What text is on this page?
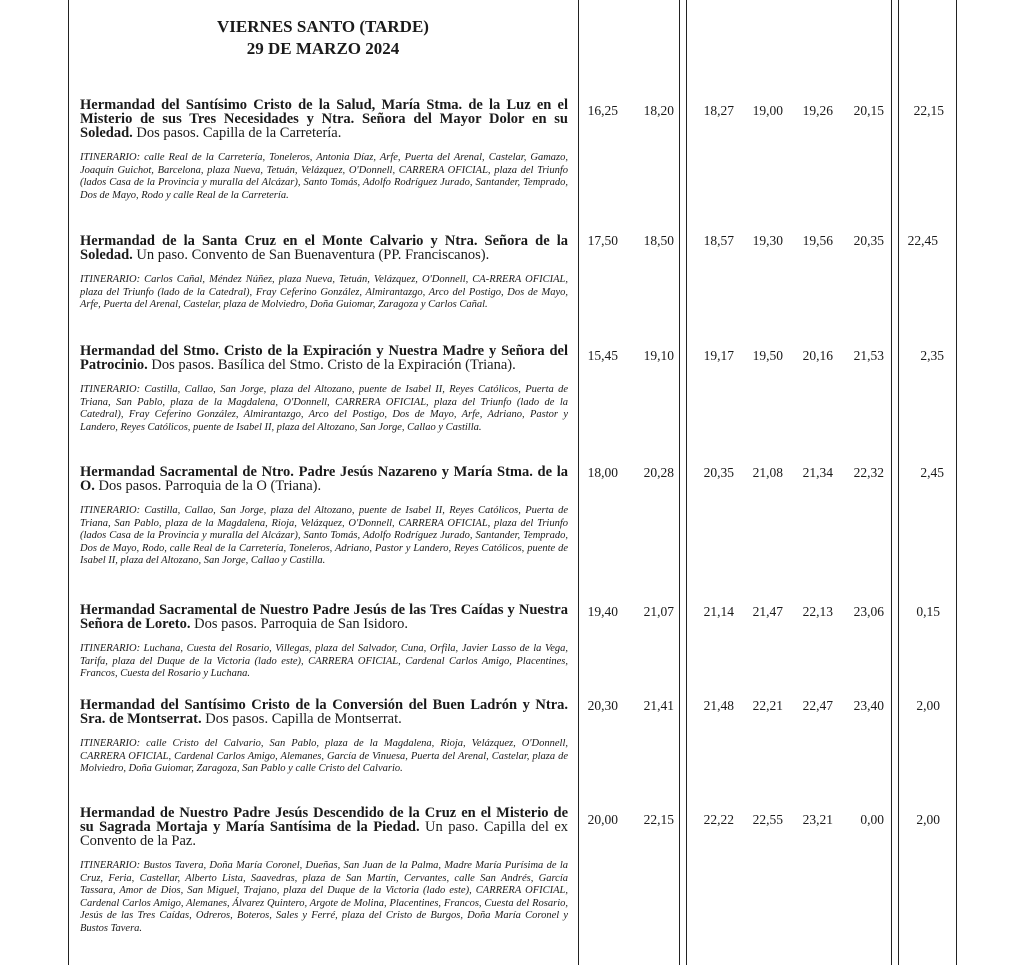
VIERNES SANTO (TARDE)
29 DE MARZO 2024

Hermandad del Santísimo Cristo de la Salud, María Stma. de la Luz en el Misterio de sus Tres Necesidades y Ntra. Señora del Mayor Dolor en su Soledad. Dos pasos. Capilla de la Carretería.

ITINERARIO: calle Real de la Carretería, Toneleros, Antonia Díaz, Arfe, Puerta del Arenal, Castelar, Gamazo, Joaquín Guichot, Barcelona, plaza Nueva, Tetuán, Velázquez, O'Donnell, CARRERA OFICIAL, plaza del Triunfo (lados Casa de la Provincia y muralla del Alcázar), Santo Tomás, Adolfo Rodríguez Jurado, Santander, Temprado, Dos de Mayo, Rodo y calle Real de la Carretería.

16,25	18,20	18,27	19,00	19,26	20,15	22,15

Hermandad de la Santa Cruz en el Monte Calvario y Ntra. Señora de la Soledad. Un paso. Convento de San Buenaventura (PP. Franciscanos).

ITINERARIO: Carlos Cañal, Méndez Núñez, plaza Nueva, Tetuán, Velázquez, O'Donnell, CA-RRERA OFICIAL, plaza del Triunfo (lado de la Catedral), Fray Ceferino González, Almirantazgo, Arco del Postigo, Dos de Mayo, Arfe, Puerta del Arenal, Castelar, plaza de Molviedro, Doña Guiomar, Zaragoza y Carlos Cañal.

17,50	18,50	18,57	19,30	19,56	20,35	22,45

Hermandad del Stmo. Cristo de la Expiración y Nuestra Madre y Señora del Patrocinio. Dos pasos. Basílica del Stmo. Cristo de la Expiración (Triana).

ITINERARIO: Castilla, Callao, San Jorge, plaza del Altozano, puente de Isabel II, Reyes Católicos, Puerta de Triana, San Pablo, plaza de la Magdalena, O'Donnell, CARRERA OFICIAL, plaza del Triunfo (lado de la Catedral), Fray Ceferino González, Almirantazgo, Arco del Postigo, Dos de Mayo, Arfe, Adriano, Pastor y Landero, Reyes Católicos, puente de Isabel II, plaza del Altozano, San Jorge, Callao y Castilla.

15,45	19,10	19,17	19,50	20,16	21,53	2,35

Hermandad Sacramental de Ntro. Padre Jesús Nazareno y María Stma. de la O. Dos pasos. Parroquia de la O (Triana).

ITINERARIO: Castilla, Callao, San Jorge, plaza del Altozano, puente de Isabel II, Reyes Católicos, Puerta de Triana, San Pablo, plaza de la Magdalena, Rioja, Velázquez, O'Donnell, CARRERA OFICIAL, plaza del Triunfo (lados Casa de la Provincia y muralla del Alcázar), Santo Tomás, Adolfo Rodríguez Jurado, Santander, Temprado, Dos de Mayo, Rodo, calle Real de la Carretería, Toneleros, Adriano, Pastor y Landero, Reyes Católicos, puente de Isabel II, plaza del Altozano, San Jorge, Callao y Castilla.

18,00	20,28	20,35	21,08	21,34	22,32	2,45

Hermandad Sacramental de Nuestro Padre Jesús de las Tres Caídas y Nuestra Señora de Loreto. Dos pasos. Parroquia de San Isidoro.

ITINERARIO: Luchana, Cuesta del Rosario, Villegas, plaza del Salvador, Cuna, Orfila, Javier Lasso de la Vega, Tarifa, plaza del Duque de la Victoria (lado este), CARRERA OFICIAL, Cardenal Carlos Amigo, Placentines, Francos, Cuesta del Rosario y Luchana.

19,40	21,07	21,14	21,47	22,13	23,06	0,15

Hermandad del Santísimo Cristo de la Conversión del Buen Ladrón y Ntra. Sra. de Montserrat. Dos pasos. Capilla de Montserrat.

ITINERARIO: calle Cristo del Calvario, San Pablo, plaza de la Magdalena, Rioja, Velázquez, O'Donnell, CARRERA OFICIAL, Cardenal Carlos Amigo, Alemanes, García de Vinuesa, Puerta del Arenal, Castelar, plaza de Molviedro, Doña Guiomar, Zaragoza, San Pablo y calle Cristo del Calvario.

20,30	21,41	21,48	22,21	22,47	23,40	2,00

Hermandad de Nuestro Padre Jesús Descendido de la Cruz en el Misterio de su Sagrada Mortaja y María Santísima de la Piedad. Un paso. Capilla del ex Convento de la Paz.

ITINERARIO: Bustos Tavera, Doña María Coronel, Dueñas, San Juan de la Palma, Madre María Purísima de la Cruz, Feria, Castellar, Alberto Lista, Saavedras, plaza de San Martín, Cervantes, calle San Andrés, García Tassara, Amor de Dios, San Miguel, Trajano, plaza del Duque de la Victoria (lado este), CARRERA OFICIAL, Cardenal Carlos Amigo, Alemanes, Álvarez Quintero, Argote de Molina, Placentines, Francos, Cuesta del Rosario, Jesús de las Tres Caídas, Odreros, Boteros, Sales y Ferré, plaza del Cristo de Burgos, Doña María Coronel y Bustos Tavera.

20,00	22,15	22,22	22,55	23,21	0,00	2,00
